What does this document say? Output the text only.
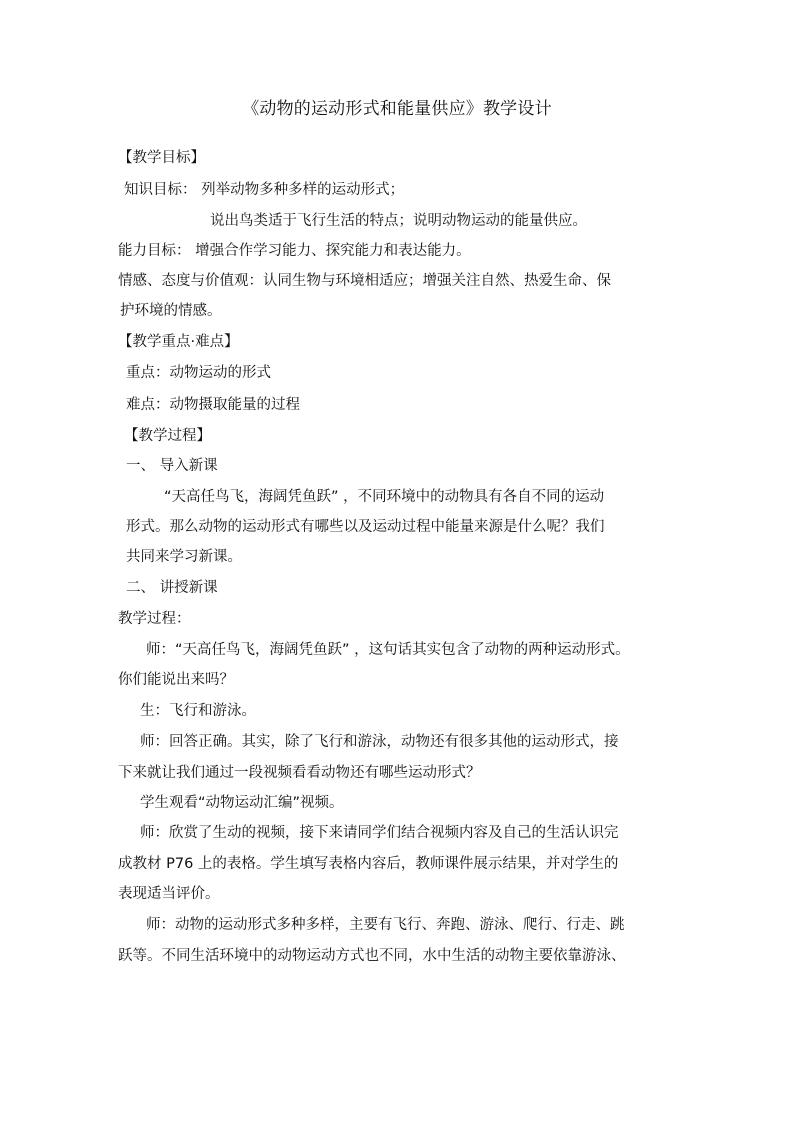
《动物的运动形式和能量供应》教学设计
【教学目标】
知识目标： 列举动物多种多样的运动形式；
说出鸟类适于飞行生活的特点；说明动物运动的能量供应。
能力目标： 增强合作学习能力、探究能力和表达能力。
情感、态度与价值观：认同生物与环境相适应；增强关注自然、热爱生命、保
护环境的情感。
【教学重点·难点】
重点：动物运动的形式
难点：动物摄取能量的过程
【教学过程】
一、 导入新课
“天高任鸟飞，海阔凭鱼跃” ，不同环境中的动物具有各自不同的运动
形式。那么动物的运动形式有哪些以及运动过程中能量来源是什么呢？我们
共同来学习新课。
二、 讲授新课
教学过程：
师：“天高任鸟飞，海阔凭鱼跃” ，这句话其实包含了动物的两种运动形式。
你们能说出来吗？
生：飞行和游泳。
师：回答正确。其实，除了飞行和游泳，动物还有很多其他的运动形式，接
下来就让我们通过一段视频看看动物还有哪些运动形式？
学生观看“动物运动汇编”视频。
师：欣赏了生动的视频，接下来请同学们结合视频内容及自己的生活认识完
成教材 P76 上的表格。学生填写表格内容后，教师课件展示结果，并对学生的
表现适当评价。
师：动物的运动形式多种多样，主要有飞行、奔跑、游泳、爬行、行走、跳
跃等。不同生活环境中的动物运动方式也不同，水中生活的动物主要依靠游泳、
